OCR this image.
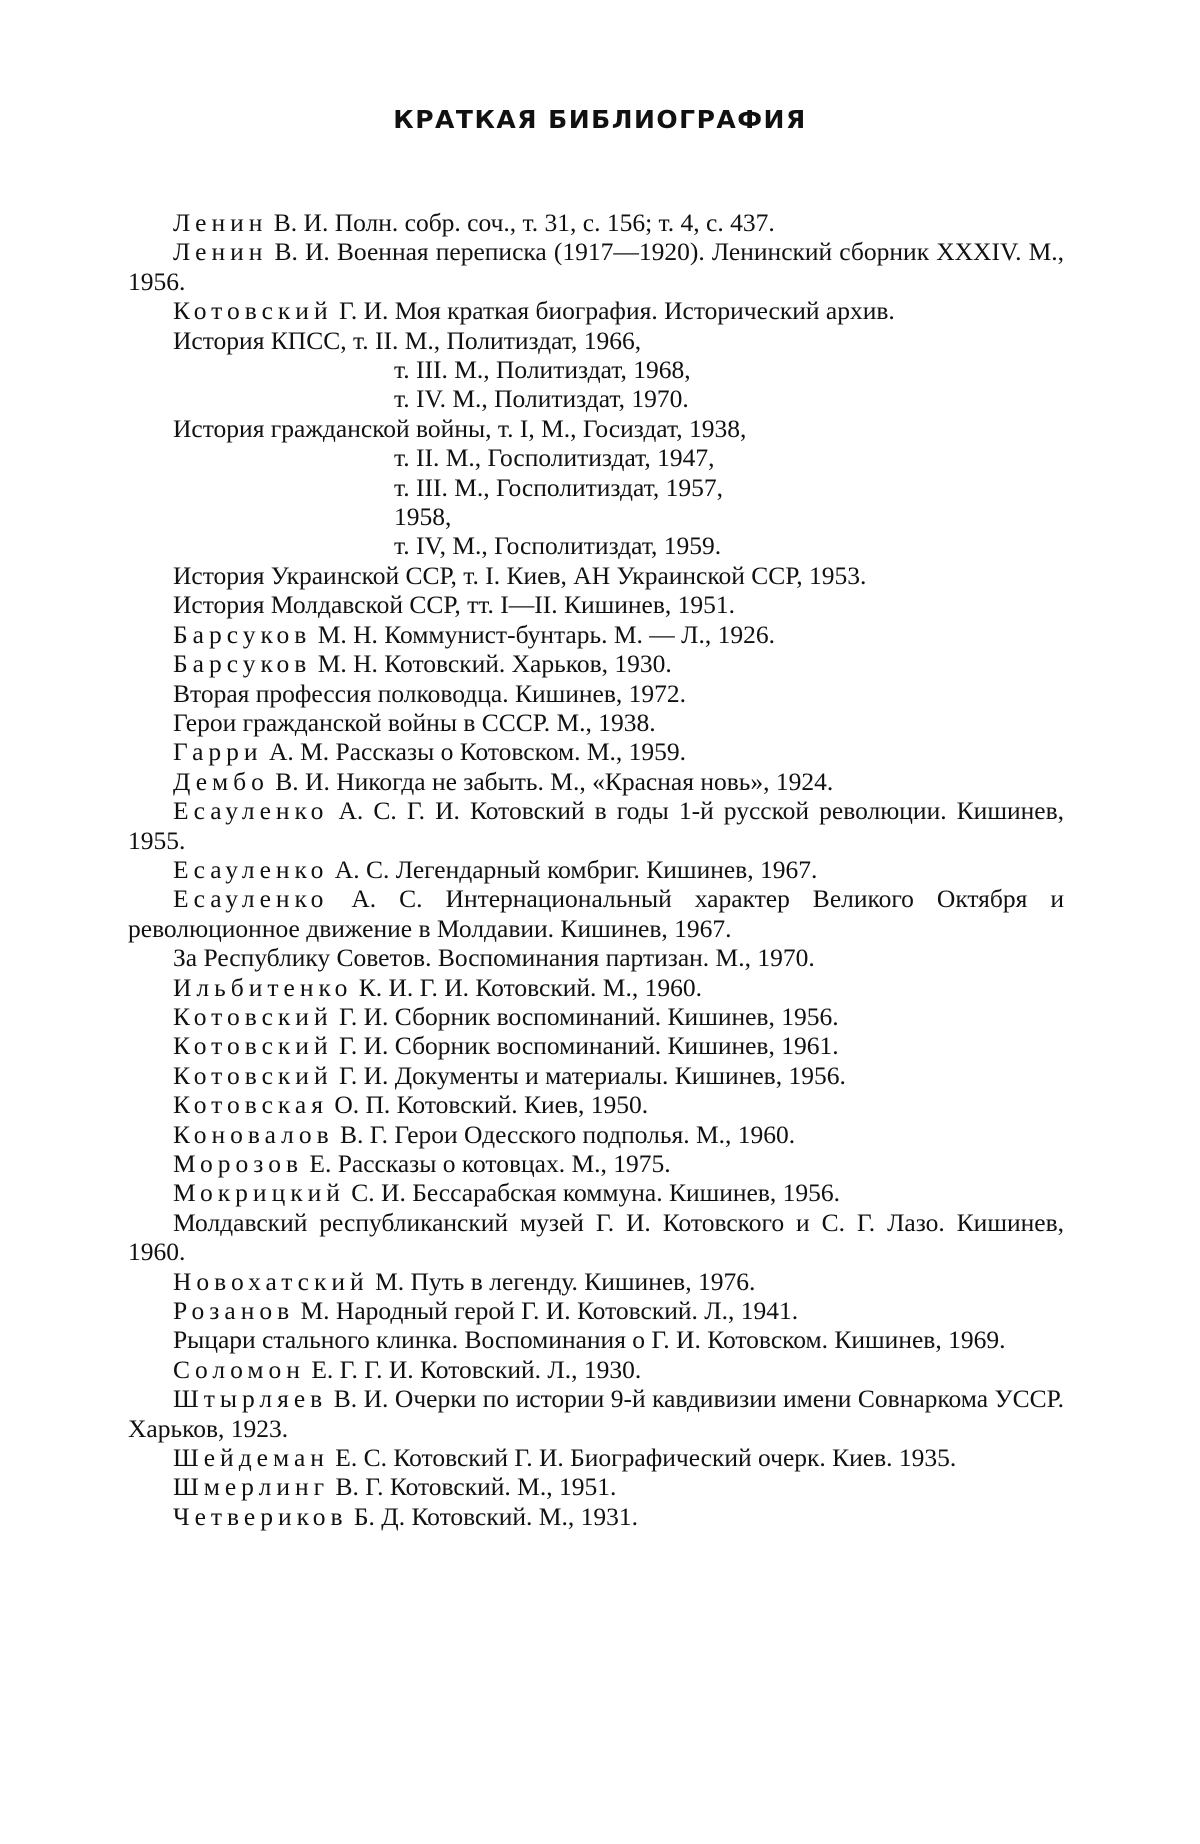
КРАТКАЯ БИБЛИОГРАФИЯ

Ленин В. И. Полн. собр. соч., т. 31, с. 156; т. 4, с. 437.

Ленин В. И. Военная переписка (1917—1920). Ленинский сборник XXXIV. М., 1956.

Котовский Г. И. Моя краткая биография. Исторический архив.

История КПСС, т. II. М., Политиздат, 1966,

т. III. М., Политиздат, 1968,

т. IV. М., Политиздат, 1970.

История гражданской войны, т. I, М., Госиздат, 1938,

т. II. М., Госполитиздат, 1947,

т. III. М., Госполитиздат, 1957,

1958,

т. IV, М., Госполитиздат, 1959.

История Украинской ССР, т. I. Киев, АН Украинской ССР, 1953.

История Молдавской ССР, тт. I—II. Кишинев, 1951.

Барсуков М. Н. Коммунист-бунтарь. М. — Л., 1926.

Барсуков М. Н. Котовский. Харьков, 1930.

Вторая профессия полководца. Кишинев, 1972.

Герои гражданской войны в СССР. М., 1938.

Гарри А. М. Рассказы о Котовском. М., 1959.

Дембо В. И. Никогда не забыть. М., «Красная новь», 1924.

Есауленко А. С. Г. И. Котовский в годы 1-й русской революции. Кишинев, 1955.

Есауленко А. С. Легендарный комбриг. Кишинев, 1967.

Есауленко А. С. Интернациональный характер Великого Октября и революционное движение в Молдавии. Кишинев, 1967.

За Республику Советов. Воспоминания партизан. М., 1970.

Ильбитенко К. И. Г. И. Котовский. М., 1960.

Котовский Г. И. Сборник воспоминаний. Кишинев, 1956.

Котовский Г. И. Сборник воспоминаний. Кишинев, 1961.

Котовский Г. И. Документы и материалы. Кишинев, 1956.

Котовская О. П. Котовский. Киев, 1950.

Коновалов В. Г. Герои Одесского подполья. М., 1960.

Морозов Е. Рассказы о котовцах. М., 1975.

Мокрицкий С. И. Бессарабская коммуна. Кишинев, 1956.

Молдавский республиканский музей Г. И. Котовского и С. Г. Лазо. Кишинев, 1960.

Новохатский М. Путь в легенду. Кишинев, 1976.

Розанов М. Народный герой Г. И. Котовский. Л., 1941.

Рыцари стального клинка. Воспоминания о Г. И. Котовском. Кишинев, 1969.

Соломон Е. Г. Г. И. Котовский. Л., 1930.

Штырляев В. И. Очерки по истории 9-й кавдивизии имени Совнаркома УССР. Харьков, 1923.

Шейдеман Е. С. Котовский Г. И. Биографический очерк. Киев. 1935.

Шмерлинг В. Г. Котовский. М., 1951.

Четвериков Б. Д. Котовский. М., 1931.
